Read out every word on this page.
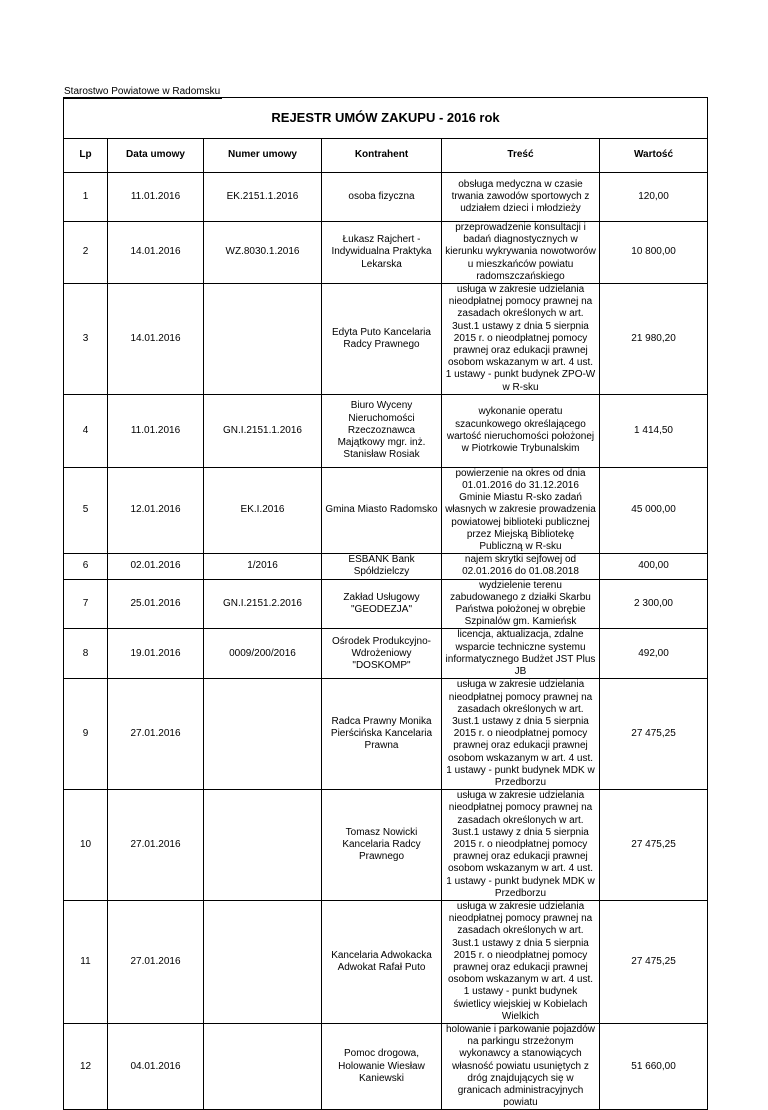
Starostwo Powiatowe w Radomsku
REJESTR UMÓW ZAKUPU - 2016 rok					
Lp	Data umowy	Numer umowy	Kontrahent	Treść	Wartość
1	11.01.2016	EK.2151.1.2016	osoba fizyczna	obsługa medyczna w czasie trwania zawodów sportowych z udziałem dzieci i młodzieży	120,00
2	14.01.2016	WZ.8030.1.2016	Łukasz Rajchert - Indywidualna Praktyka Lekarska	przeprowadzenie konsultacji i badań diagnostycznych w kierunku wykrywania nowotworów u mieszkańców powiatu radomszczańskiego	10 800,00
3	14.01.2016		Edyta Puto Kancelaria Radcy Prawnego	usługa w zakresie udzielania nieodpłatnej pomocy prawnej na zasadach określonych w art. 3ust.1 ustawy z dnia 5 sierpnia 2015 r. o nieodpłatnej pomocy prawnej oraz edukacji prawnej osobom wskazanym w art. 4 ust. 1 ustawy - punkt budynek ZPO-W w R-sku	21 980,20
4	11.01.2016	GN.I.2151.1.2016	Biuro Wyceny Nieruchomości Rzeczoznawca Majątkowy mgr. inż. Stanisław Rosiak	wykonanie operatu szacunkowego określającego wartość nieruchomości położonej w Piotrkowie Trybunalskim	1 414,50
5	12.01.2016	EK.I.2016	Gmina Miasto Radomsko	powierzenie na okres od dnia 01.01.2016 do 31.12.2016 Gminie Miastu R-sko zadań własnych w zakresie prowadzenia powiatowej biblioteki publicznej przez Miejską Bibliotekę Publiczną w R-sku	45 000,00
6	02.01.2016	1/2016	ESBANK Bank Spółdzielczy	najem skrytki sejfowej od 02.01.2016 do 01.08.2018	400,00
7	25.01.2016	GN.I.2151.2.2016	Zakład Usługowy "GEODEZJA"	wydzielenie terenu zabudowanego z działki Skarbu Państwa położonej w obrębie Szpinalów gm. Kamieńsk	2 300,00
8	19.01.2016	0009/200/2016	Ośrodek Produkcyjno-Wdrożeniowy "DOSKOMP"	licencja, aktualizacja, zdalne wsparcie techniczne systemu informatycznego Budżet JST Plus JB	492,00
9	27.01.2016		Radca Prawny Monika Pierścińska Kancelaria Prawna	usługa w zakresie udzielania nieodpłatnej pomocy prawnej na zasadach określonych w art. 3ust.1 ustawy z dnia 5 sierpnia 2015 r. o nieodpłatnej pomocy prawnej oraz edukacji prawnej osobom wskazanym w art. 4 ust. 1 ustawy - punkt budynek MDK w Przedborzu	27 475,25
10	27.01.2016		Tomasz Nowicki Kancelaria Radcy Prawnego	usługa w zakresie udzielania nieodpłatnej pomocy prawnej na zasadach określonych w art. 3ust.1 ustawy z dnia 5 sierpnia 2015 r. o nieodpłatnej pomocy prawnej oraz edukacji prawnej osobom wskazanym w art. 4 ust. 1 ustawy - punkt budynek MDK w Przedborzu	27 475,25
11	27.01.2016		Kancelaria Adwokacka Adwokat Rafał Puto	usługa w zakresie udzielania nieodpłatnej pomocy prawnej na zasadach określonych w art. 3ust.1 ustawy z dnia 5 sierpnia 2015 r. o nieodpłatnej pomocy prawnej oraz edukacji prawnej osobom wskazanym w art. 4 ust. 1 ustawy - punkt budynek świetlicy wiejskiej w Kobielach Wielkich	27 475,25
12	04.01.2016		Pomoc drogowa, Holowanie Wiesław Kaniewski	holowanie i parkowanie pojazdów na parkingu strzeżonym wykonawcy a stanowiących własność powiatu usuniętych z dróg znajdujących się w granicach administracyjnych powiatu	51 660,00
